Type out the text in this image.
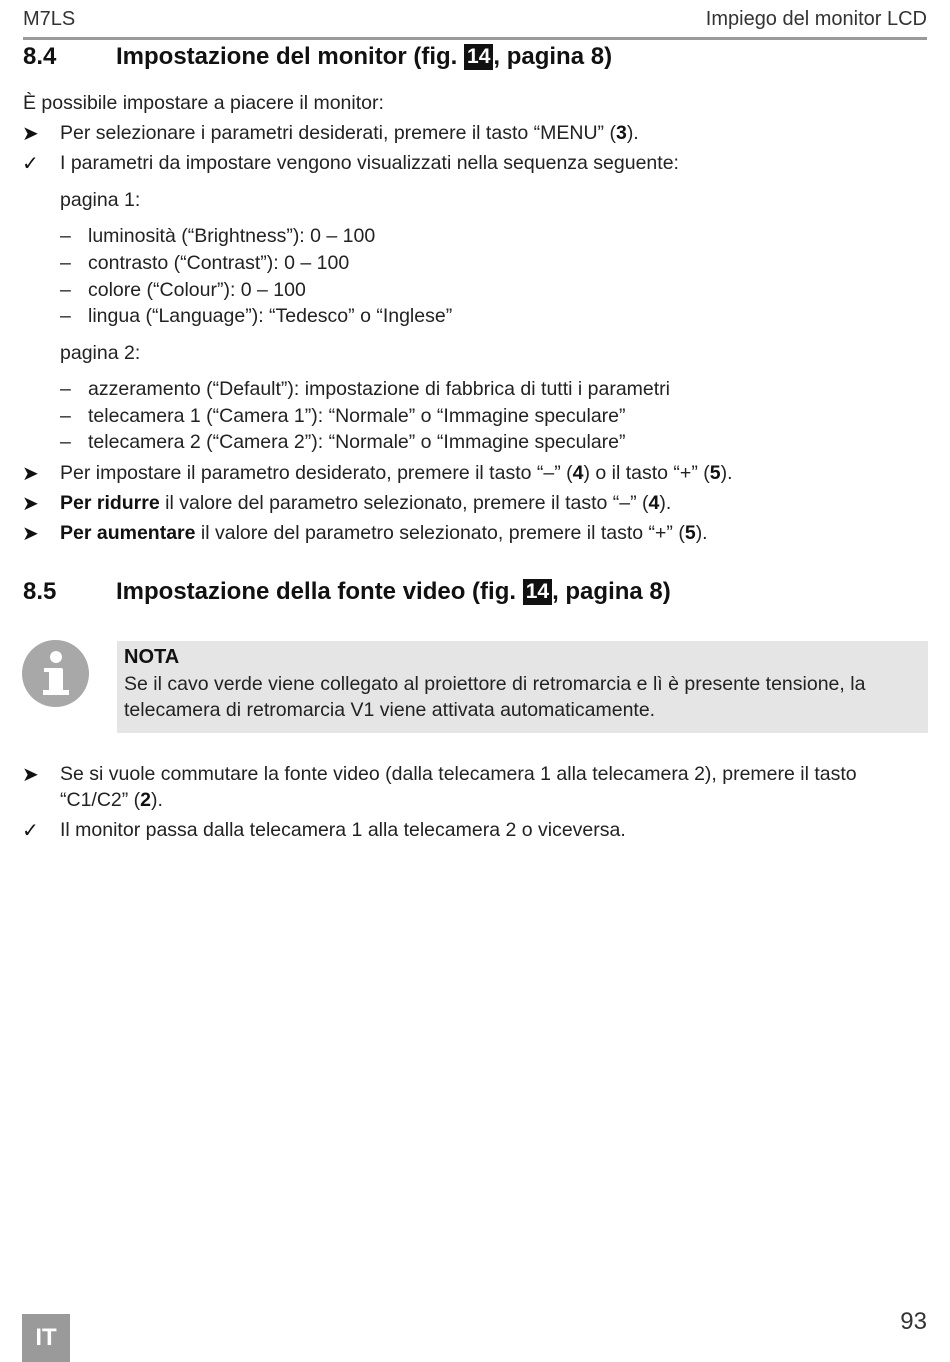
M7LS	Impiego del monitor LCD
8.4 Impostazione del monitor (fig. 14 , pagina 8)
È possibile impostare a piacere il monitor:
➤ Per selezionare i parametri desiderati, premere il tasto “MENU” (3).
✓ I parametri da impostare vengono visualizzati nella sequenza seguente:
pagina 1:
– luminosità (“Brightness”): 0 – 100
– contrasto (“Contrast”): 0 – 100
– colore (“Colour”): 0 – 100
– lingua (“Language”): “Tedesco” o “Inglese”
pagina 2:
– azzeramento (“Default”): impostazione di fabbrica di tutti i parametri
– telecamera 1 (“Camera 1”): “Normale” o “Immagine speculare”
– telecamera 2 (“Camera 2”): “Normale” o “Immagine speculare”
➤ Per impostare il parametro desiderato, premere il tasto “–” (4) o il tasto “+” (5).
➤ Per ridurre il valore del parametro selezionato, premere il tasto “–” (4).
➤ Per aumentare il valore del parametro selezionato, premere il tasto “+” (5).
8.5 Impostazione della fonte video (fig. 14 , pagina 8)
NOTA
Se il cavo verde viene collegato al proiettore di retromarcia e lì è presente tensione, la
telecamera di retromarcia V1 viene attivata automaticamente.
➤ Se si vuole commutare la fonte video (dalla telecamera 1 alla telecamera 2), premere il tasto
“C1/C2” (2).
✓ Il monitor passa dalla telecamera 1 alla telecamera 2 o viceversa.
IT
93
